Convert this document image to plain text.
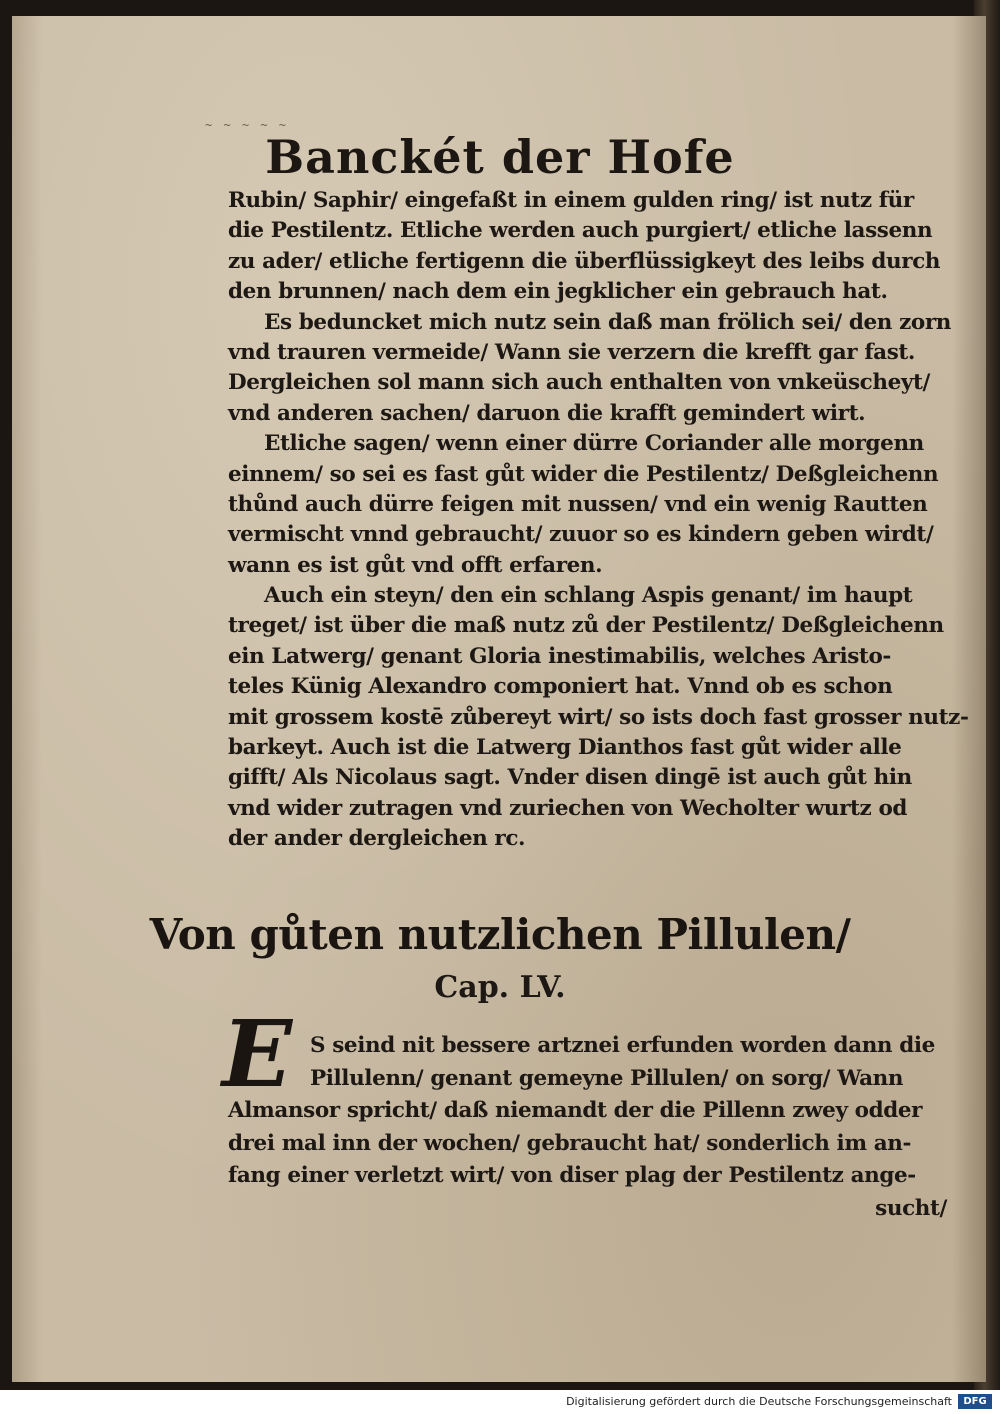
~ ~ ~ ~ ~
Banckét der Hofe
Rubin/ Saphir/ eingefaßt in einem gulden ring/ ist nutz für
die Pestilentz. Etliche werden auch purgiert/ etliche lassenn
zu ader/ etliche fertigenn die überflüssigkeyt des leibs durch
den brunnen/ nach dem ein jegklicher ein gebrauch hat.
Es beduncket mich nutz sein daß man frölich sei/ den zorn
vnd trauren vermeide/ Wann sie verzern die krefft gar fast.
Dergleichen sol mann sich auch enthalten von vnkeüscheyt/
vnd anderen sachen/ daruon die krafft gemindert wirt.
Etliche sagen/ wenn einer dürre Coriander alle morgenn
einnem/ so sei es fast gůt wider die Pestilentz/ Deßgleichenn
thůnd auch dürre feigen mit nussen/ vnd ein wenig Rautten
vermischt vnnd gebraucht/ zuuor so es kindern geben wirdt/
wann es ist gůt vnd offt erfaren.
Auch ein steyn/ den ein schlang Aspis genant/ im haupt
treget/ ist über die maß nutz zů der Pestilentz/ Deßgleichenn
ein Latwerg/ genant Gloria inestimabilis, welches Aristo-
teles Künig Alexandro componiert hat. Vnnd ob es schon
mit grossem kostē zůbereyt wirt/ so ists doch fast grosser nutz-
barkeyt. Auch ist die Latwerg Dianthos fast gůt wider alle
gifft/ Als Nicolaus sagt. Vnder disen dingē ist auch gůt hin
vnd wider zutragen vnd zuriechen von Wecholter wurtz od
der ander dergleichen rc.
Von gůten nutzlichen Pillulen/
Cap. LV.
E S seind nit bessere artznei erfunden worden dann die
Pillulenn/ genant gemeyne Pillulen/ on sorg/ Wann
Almansor spricht/ daß niemandt der die Pillenn zwey odder
drei mal inn der wochen/ gebraucht hat/ sonderlich im an-
fang einer verletzt wirt/ von diser plag der Pestilentz ange-
sucht/
Digitalisierung gefördert durch die Deutsche Forschungsgemeinschaft	DFG
